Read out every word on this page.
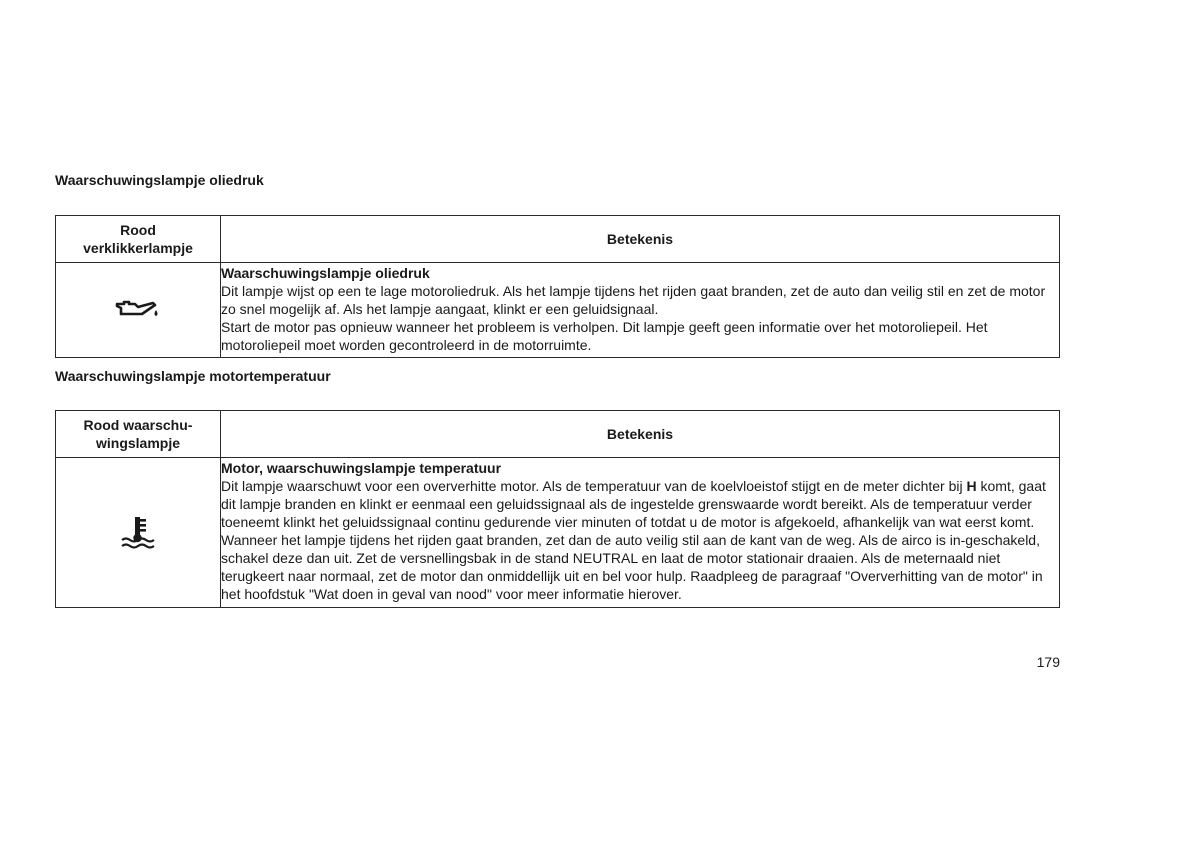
Waarschuwingslampje oliedruk
Rood
verklikkerlampje	Betekenis

Waarschuwingslampje oliedruk
Dit lampje wijst op een te lage motoroliedruk. Als het lampje tijdens het rijden gaat branden, zet de auto dan veilig stil en zet de motor zo snel mogelijk af. Als het lampje aangaat, klinkt er een geluidsignaal.
Start de motor pas opnieuw wanneer het probleem is verholpen. Dit lampje geeft geen informatie over het motoroliepeil. Het motoroliepeil moet worden gecontroleerd in de motorruimte.
Waarschuwingslampje motortemperatuur
Rood waarschu-
wingslampje	Betekenis

Motor, waarschuwingslampje temperatuur
Dit lampje waarschuwt voor een oververhitte motor. Als de temperatuur van de koelvloeistof stijgt en de meter dichter bij H komt, gaat dit lampje branden en klinkt er eenmaal een geluidssignaal als de ingestelde grenswaarde wordt bereikt. Als de temperatuur verder toeneemt klinkt het geluidssignaal continu gedurende vier minuten of totdat u de motor is afgekoeld, afhankelijk van wat eerst komt.
Wanneer het lampje tijdens het rijden gaat branden, zet dan de auto veilig stil aan de kant van de weg. Als de airco is in-geschakeld, schakel deze dan uit. Zet de versnellingsbak in de stand NEUTRAL en laat de motor stationair draaien. Als de meternaald niet terugkeert naar normaal, zet de motor dan onmiddellijk uit en bel voor hulp. Raadpleeg de paragraaf "Oververhitting van de motor" in het hoofdstuk "Wat doen in geval van nood" voor meer informatie hierover.
179
